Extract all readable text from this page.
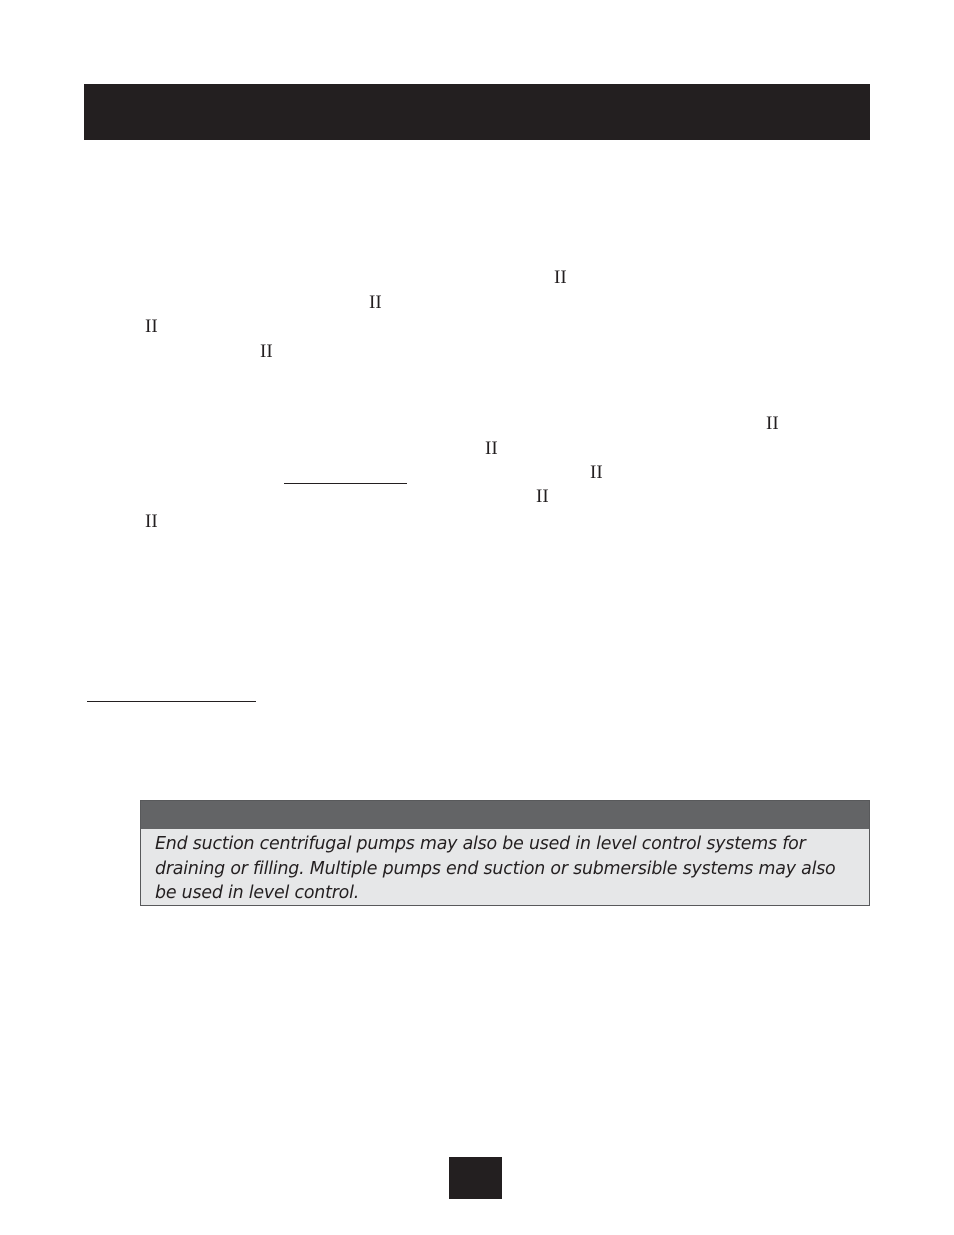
II
II
II
II
II
II
II
II
II
End suction centrifugal pumps may also be used in level control systems for draining or filling. Multiple pumps end suction or submersible systems may also be used in level control.
